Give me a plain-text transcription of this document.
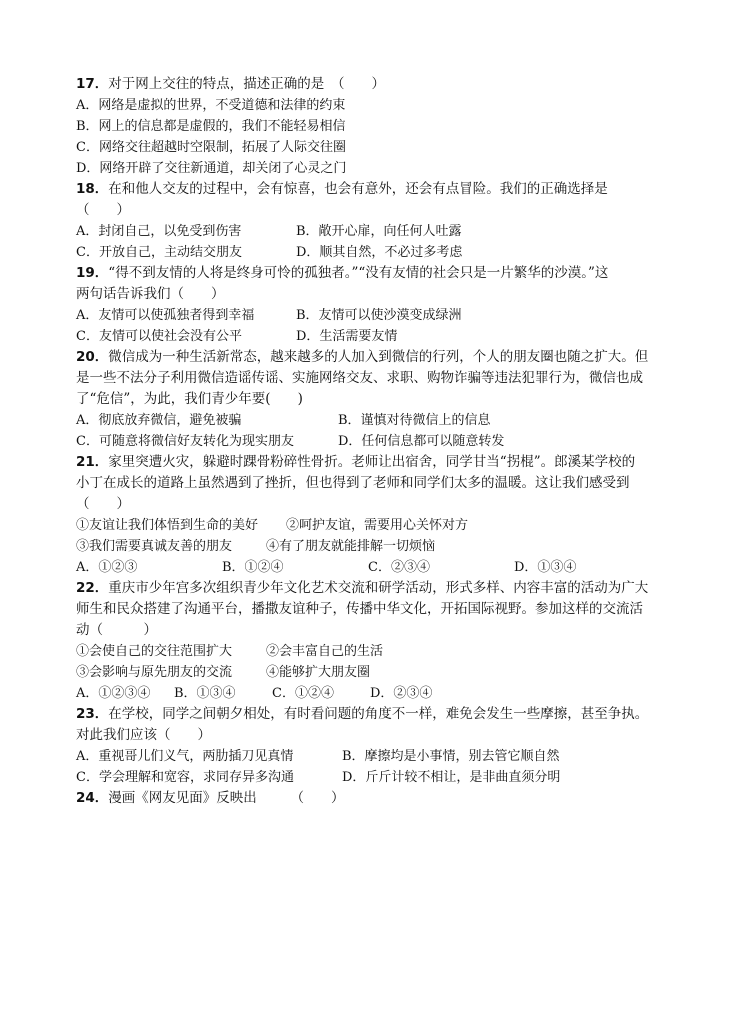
17．对于网上交往的特点，描述正确的是　（　　）

A．网络是虚拟的世界，不受道德和法律的约束
B．网上的信息都是虚假的，我们不能轻易相信
C．网络交往超越时空限制，拓展了人际交往圈
D．网络开辟了交往新通道，却关闭了心灵之门

18．在和他人交友的过程中，会有惊喜，也会有意外，还会有点冒险。我们的正确选择是

（　　）

A．封闭自己，以免受到伤害	B．敞开心扉，向任何人吐露
C．开放自己，主动结交朋友	D．顺其自然，不必过多考虑

19．“得不到友情的人将是终身可怜的孤独者。”“没有友情的社会只是一片繁华的沙漠。”这

两句话告诉我们（　　）

A．友情可以使孤独者得到幸福	B．友情可以使沙漠变成绿洲
C．友情可以使社会没有公平	D．生活需要友情

20．微信成为一种生活新常态，越来越多的人加入到微信的行列，个人的朋友圈也随之扩大。但

是一些不法分子利用微信造谣传谣、实施网络交友、求职、购物诈骗等违法犯罪行为，微信也成

了“危信”，为此，我们青少年要(　　)

A．彻底放弃微信，避免被骗	B．谨慎对待微信上的信息
C．可随意将微信好友转化为现实朋友	D．任何信息都可以随意转发

21．家里突遭火灾，躲避时踝骨粉碎性骨折。老师让出宿舍，同学甘当“拐棍”。郎溪某学校的

小丁在成长的道路上虽然遇到了挫折，但也得到了老师和同学们太多的温暖。这让我们感受到

（　　）

①友谊让我们体悟到生命的美好	②呵护友谊，需要用心关怀对方
③我们需要真诚友善的朋友	④有了朋友就能排解一切烦恼
A．①②③	B．①②④	C．②③④	D．①③④

22．重庆市少年宫多次组织青少年文化艺术交流和研学活动，形式多样、内容丰富的活动为广大

师生和民众搭建了沟通平台，播撒友谊种子，传播中华文化，开拓国际视野。参加这样的交流活

动（　　　）

①会使自己的交往范围扩大	②会丰富自己的生活
③会影响与原先朋友的交流	④能够扩大朋友圈
A．①②③④	B．①③④	C．①②④	D．②③④

23．在学校，同学之间朝夕相处，有时看问题的角度不一样，难免会发生一些摩擦，甚至争执。

对此我们应该（　　）

A．重视哥儿们义气，两肋插刀见真情	B．摩擦均是小事情，别去管它顺自然
C．学会理解和宽容，求同存异多沟通	D．斤斤计较不相让，是非曲直须分明

24．漫画《网友见面》反映出　　　（　　）
